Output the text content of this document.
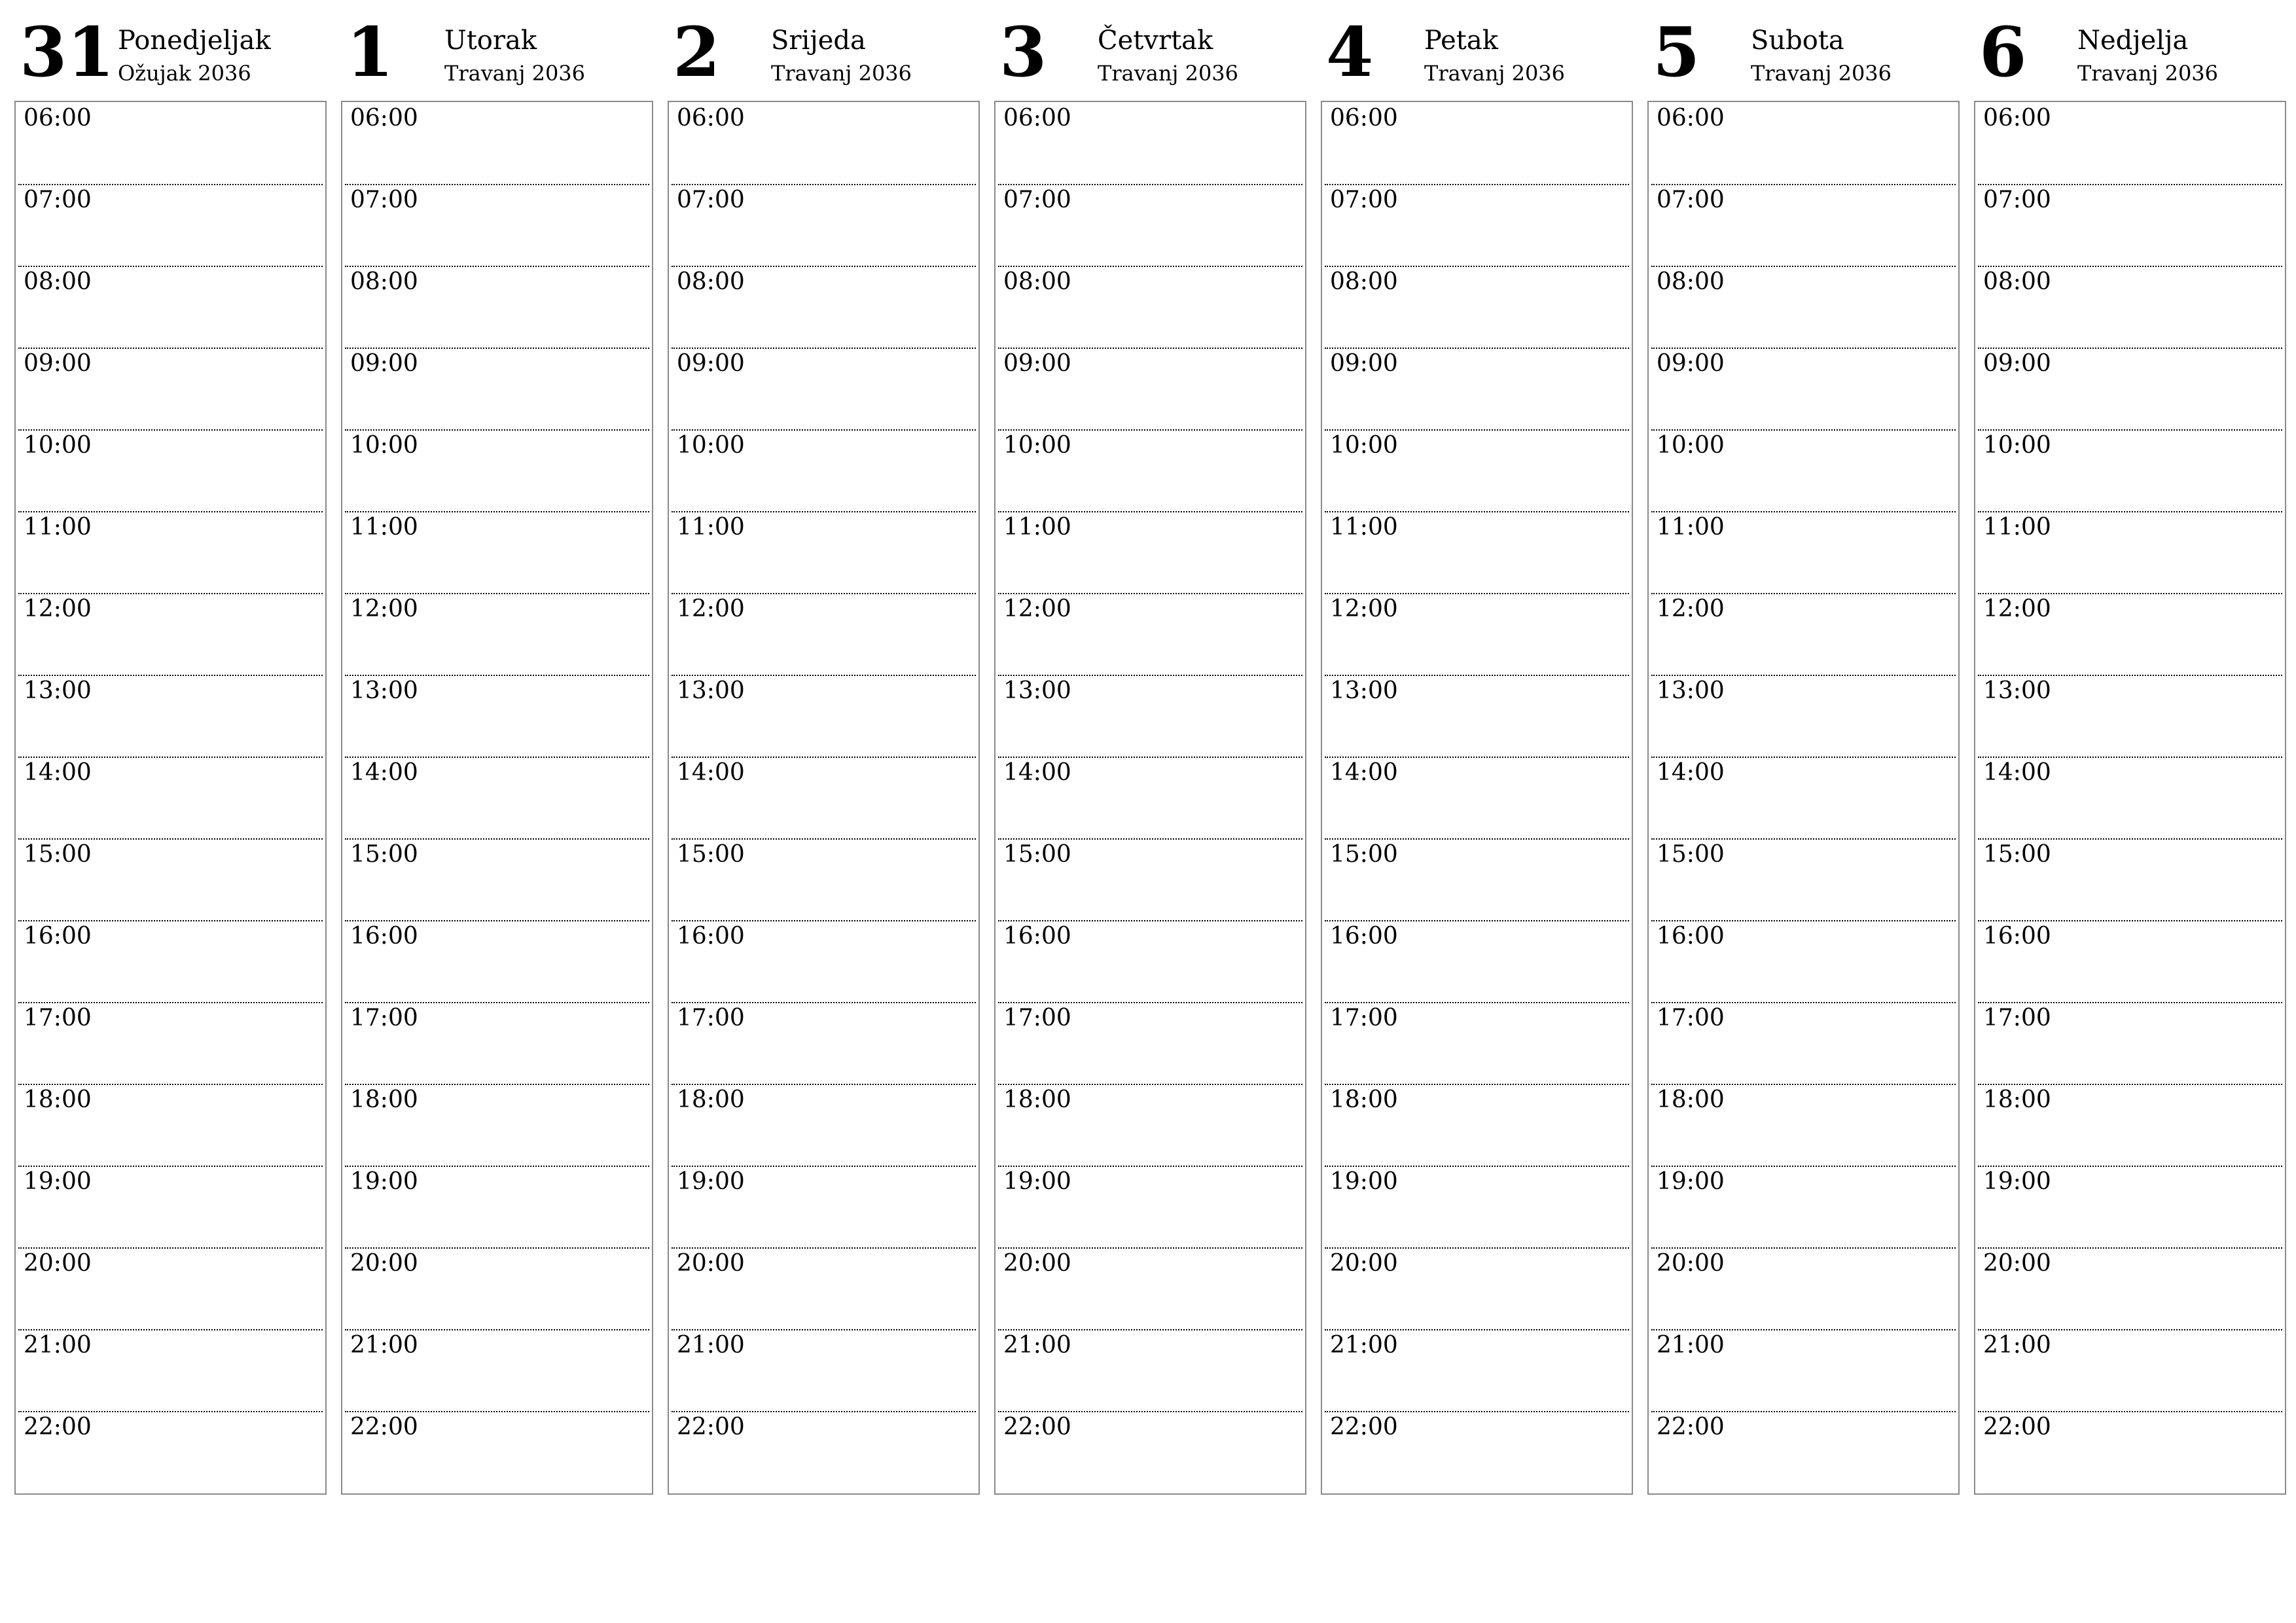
31 Ponedjeljak
Ožujak 2036
06:00
07:00
08:00
09:00
10:00
11:00
12:00
13:00
14:00
15:00
16:00
17:00
18:00
19:00
20:00
21:00
22:00
1 Utorak
Travanj 2036
06:00
07:00
08:00
09:00
10:00
11:00
12:00
13:00
14:00
15:00
16:00
17:00
18:00
19:00
20:00
21:00
22:00
2 Srijeda
Travanj 2036
06:00
07:00
08:00
09:00
10:00
11:00
12:00
13:00
14:00
15:00
16:00
17:00
18:00
19:00
20:00
21:00
22:00
3 Četvrtak
Travanj 2036
06:00
07:00
08:00
09:00
10:00
11:00
12:00
13:00
14:00
15:00
16:00
17:00
18:00
19:00
20:00
21:00
22:00
4 Petak
Travanj 2036
06:00
07:00
08:00
09:00
10:00
11:00
12:00
13:00
14:00
15:00
16:00
17:00
18:00
19:00
20:00
21:00
22:00
5 Subota
Travanj 2036
06:00
07:00
08:00
09:00
10:00
11:00
12:00
13:00
14:00
15:00
16:00
17:00
18:00
19:00
20:00
21:00
22:00
6 Nedjelja
Travanj 2036
06:00
07:00
08:00
09:00
10:00
11:00
12:00
13:00
14:00
15:00
16:00
17:00
18:00
19:00
20:00
21:00
22:00
